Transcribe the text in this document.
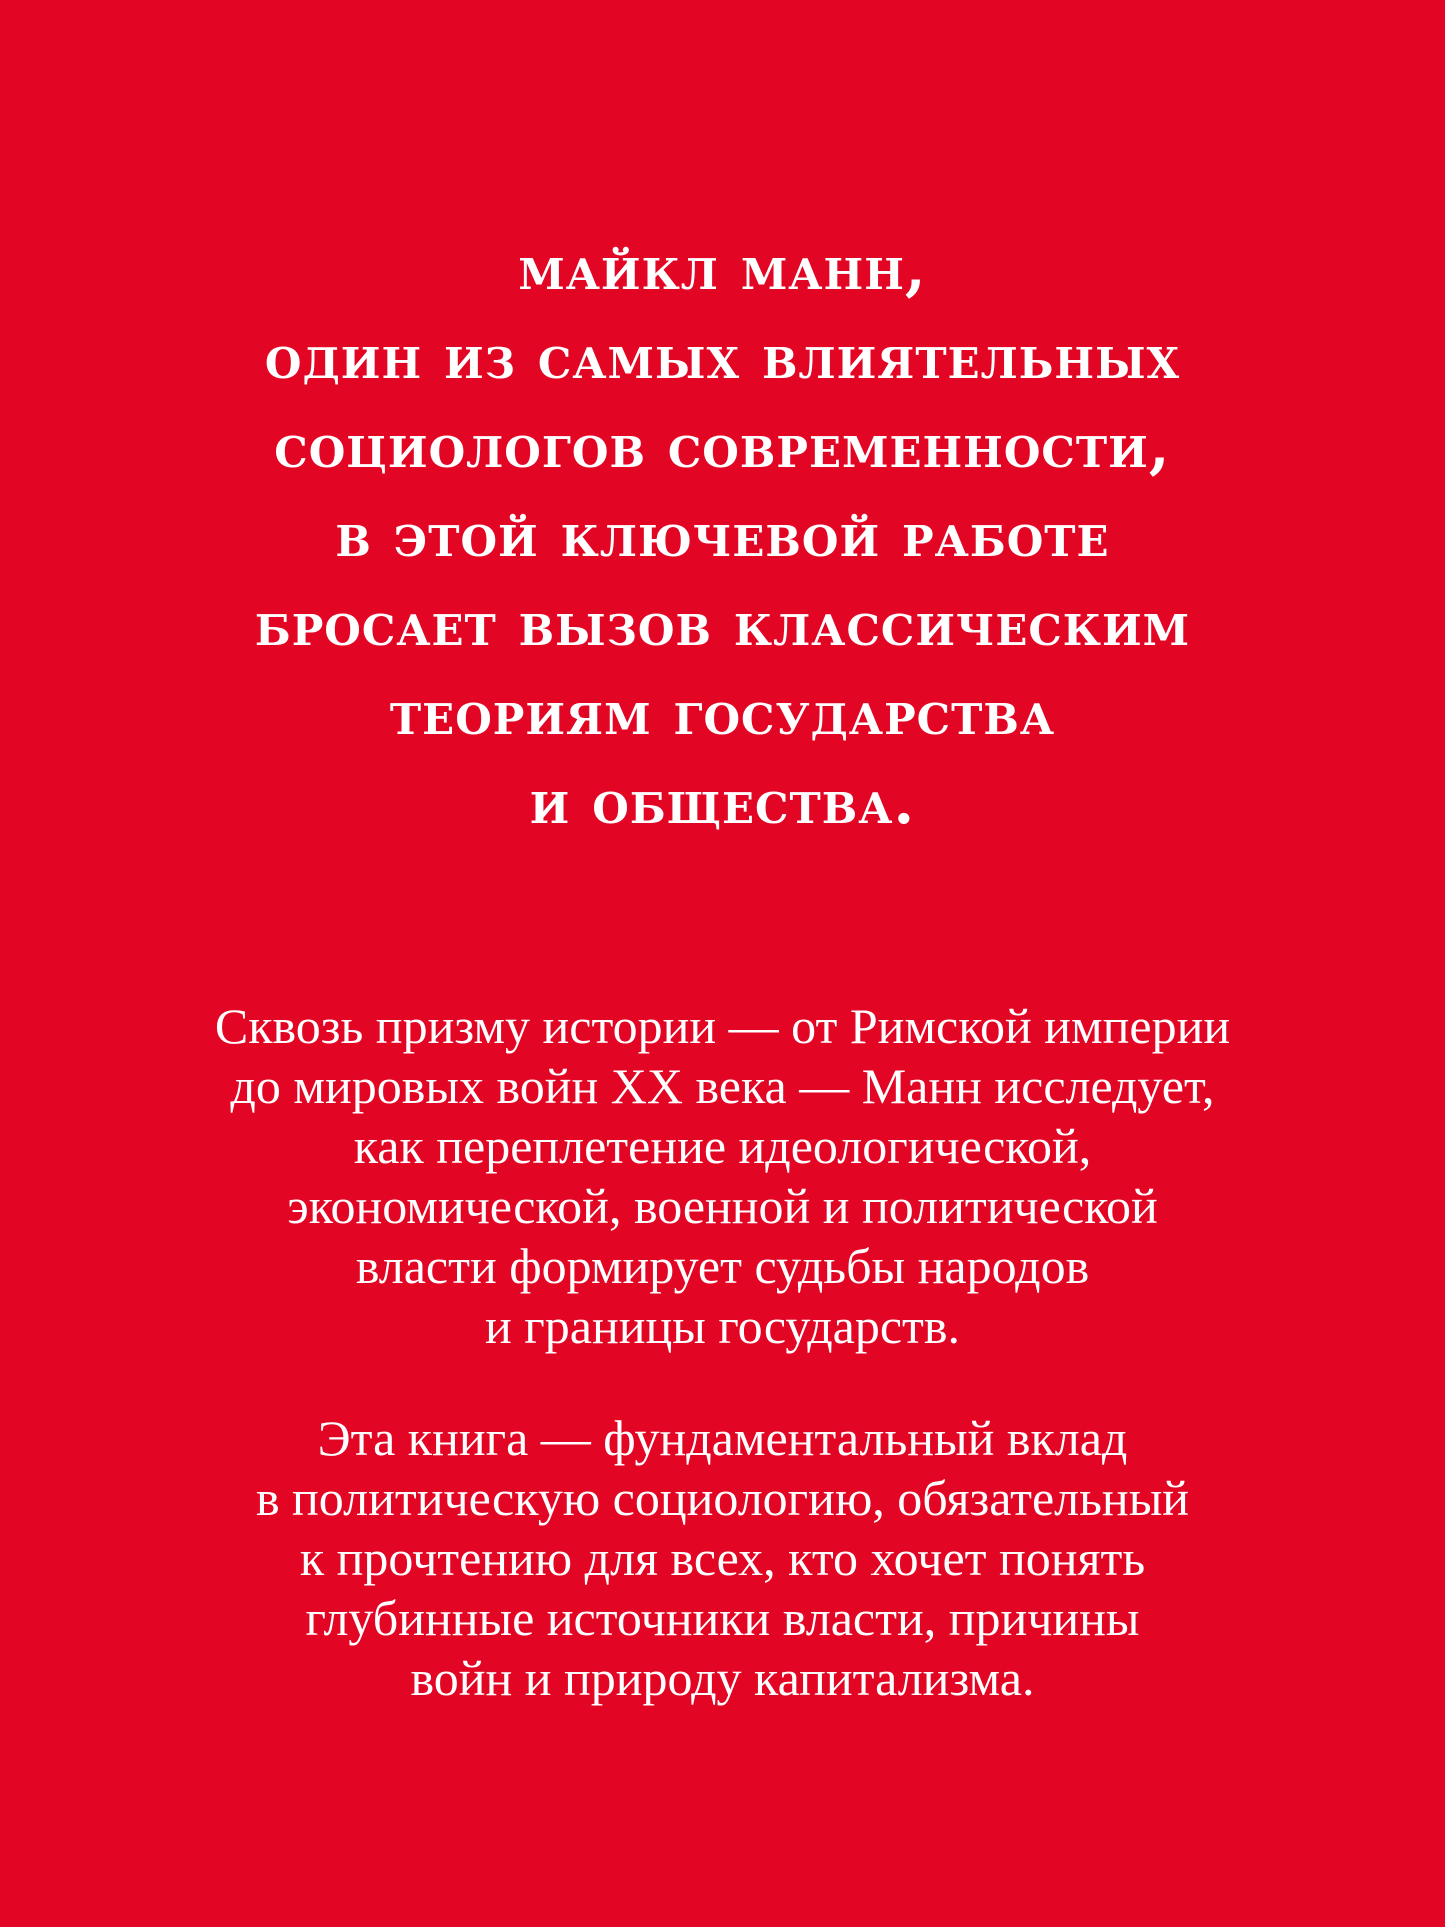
майкл манн,
один из самых влиятельных
социологов современности,
в этой ключевой работе
бросает вызов классическим
теориям государства
и общества.

Сквозь призму истории — от Римской империи
до мировых войн XX века — Манн исследует,
как переплетение идеологической,
экономической, военной и политической
власти формирует судьбы народов
и границы государств.

Эта книга — фундаментальный вклад
в политическую социологию, обязательный
к прочтению для всех, кто хочет понять
глубинные источники власти, причины
войн и природу капитализма.
